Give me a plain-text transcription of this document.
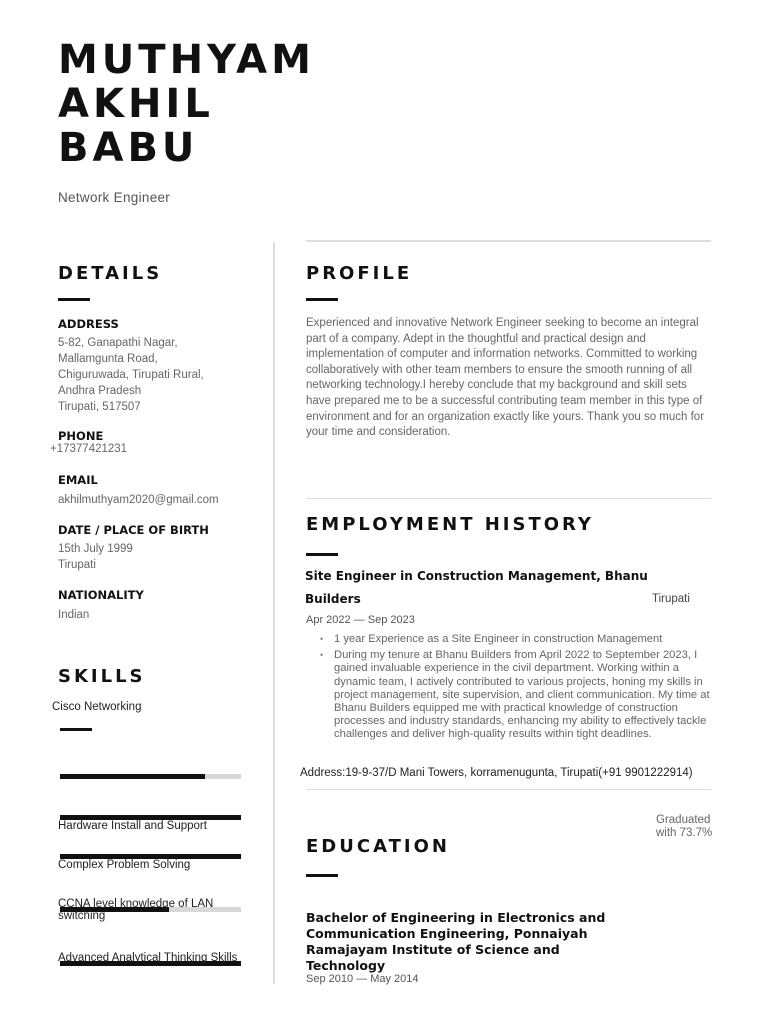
MUTHYAM
AKHIL
BABU
Network Engineer
DETAILS
ADDRESS
5-82, Ganapathi Nagar,
Mallamgunta Road,
Chiguruwada, Tirupati Rural,
Andhra Pradesh
Tirupati, 517507
PHONE
+17377421231
EMAIL
akhilmuthyam2020@gmail.com
DATE / PLACE OF BIRTH
15th July 1999
Tirupati
NATIONALITY
Indian
SKILLS
Cisco Networking
Hardware Install and Support
Complex Problem Solving
CCNA level knowledge of LAN switching
Advanced Analytical Thinking Skills
PROFILE
Experienced and innovative Network Engineer seeking to become an integral part of a company. Adept in the thoughtful and practical design and implementation of computer and information networks. Committed to working collaboratively with other team members to ensure the smooth running of all networking technology.I hereby conclude that my background and skill sets have prepared me to be a successful contributing team member in this type of environment and for an organization exactly like yours. Thank you so much for your time and consideration.
EMPLOYMENT HISTORY
Site Engineer in Construction Management, Bhanu
Builders	Tirupati
Apr 2022 — Sep 2023
• 1 year Experience as a Site Engineer in construction Management
• During my tenure at Bhanu Builders from April 2022 to September 2023, I gained invaluable experience in the civil department. Working within a dynamic team, I actively contributed to various projects, honing my skills in project management, site supervision, and client communication. My time at Bhanu Builders equipped me with practical knowledge of construction processes and industry standards, enhancing my ability to effectively tackle challenges and deliver high-quality results within tight deadlines.
Address:19-9-37/D Mani Towers, korramenugunta, Tirupati(+91 9901222914)
Graduated with 73.7%
EDUCATION
Bachelor of Engineering in Electronics and Communication Engineering, Ponnaiyah Ramajayam Institute of Science and Technology
Sep 2010 — May 2014
